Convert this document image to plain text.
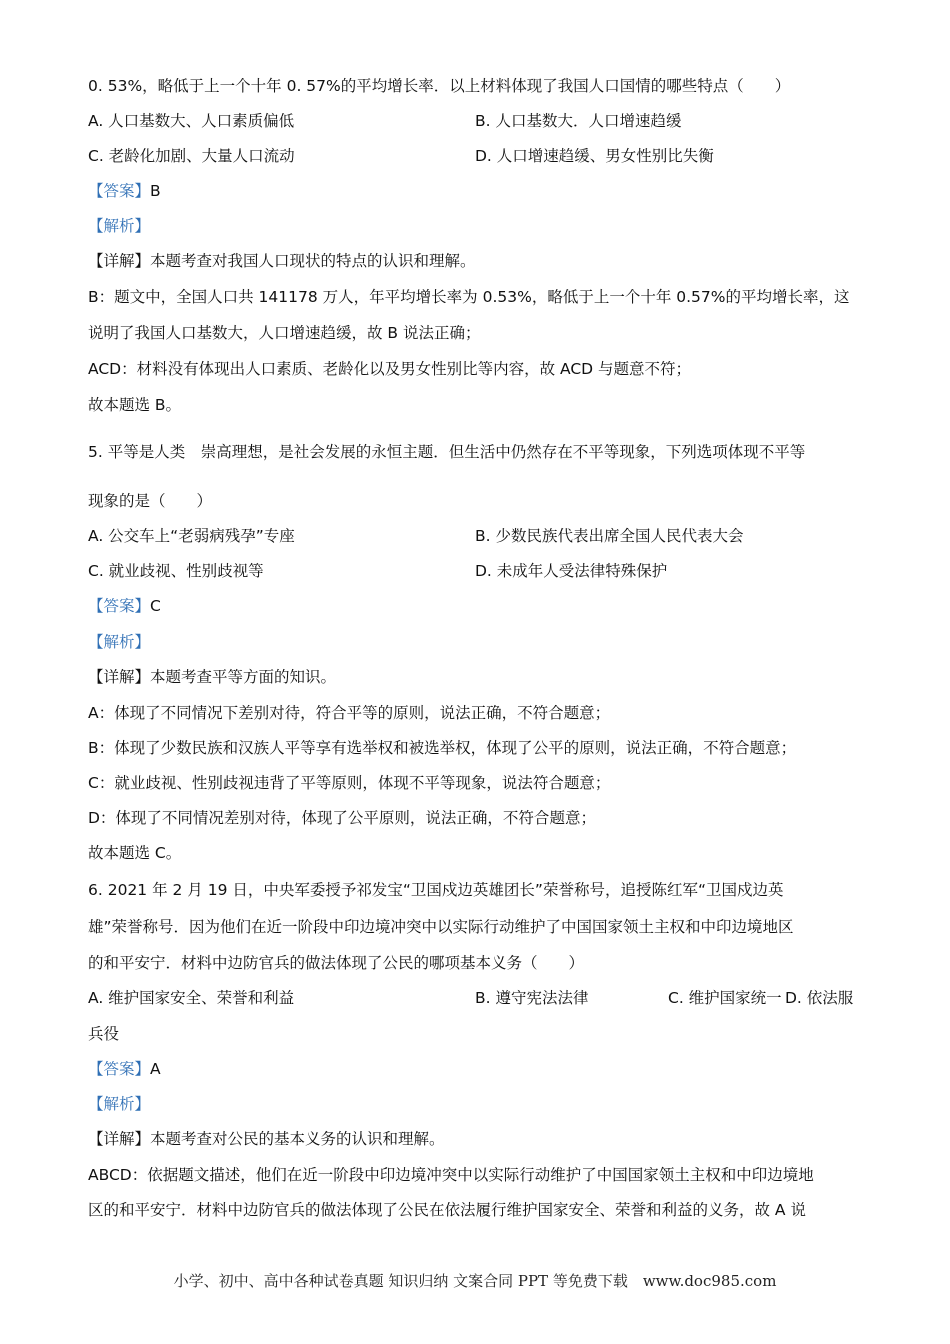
0. 53%，略低于上一个十年 0. 57%的平均增长率．以上材料体现了我国人口国情的哪些特点（　　）
A. 人口基数大、人口素质偏低	B. 人口基数大．人口增速趋缓
C. 老龄化加剧、大量人口流动	D. 人口增速趋缓、男女性别比失衡
【答案】B
【解析】
【详解】本题考查对我国人口现状的特点的认识和理解。
B：题文中，全国人口共 141178 万人，年平均增长率为 0.53%，略低于上一个十年 0.57%的平均增长率，这
说明了我国人口基数大，人口增速趋缓，故 B 说法正确；
ACD：材料没有体现出人口素质、老龄化以及男女性别比等内容，故 ACD 与题意不符；
故本题选 B。
5. 平等是人类　崇高理想，是社会发展的永恒主题．但生活中仍然存在不平等现象，下列选项体现不平等
现象的是（　　）
A. 公交车上“老弱病残孕”专座	B. 少数民族代表出席全国人民代表大会
C. 就业歧视、性别歧视等	D. 未成年人受法律特殊保护
【答案】C
【解析】
【详解】本题考查平等方面的知识。
A：体现了不同情况下差别对待，符合平等的原则，说法正确，不符合题意；
B：体现了少数民族和汉族人平等享有选举权和被选举权，体现了公平的原则，说法正确，不符合题意；
C：就业歧视、性别歧视违背了平等原则，体现不平等现象，说法符合题意；
D：体现了不同情况差别对待，体现了公平原则，说法正确，不符合题意；
故本题选 C。
6. 2021 年 2 月 19 日，中央军委授予祁发宝“卫国戍边英雄团长”荣誉称号，追授陈红军“卫国戍边英
雄”荣誉称号．因为他们在近一阶段中印边境冲突中以实际行动维护了中国国家领土主权和中印边境地区
的和平安宁．材料中边防官兵的做法体现了公民的哪项基本义务（　　）
A. 维护国家安全、荣誉和利益	B. 遵守宪法法律	C. 维护国家统一 D. 依法服
兵役
【答案】A
【解析】
【详解】本题考查对公民的基本义务的认识和理解。
ABCD：依据题文描述，他们在近一阶段中印边境冲突中以实际行动维护了中国国家领土主权和中印边境地
区的和平安宁．材料中边防官兵的做法体现了公民在依法履行维护国家安全、荣誉和利益的义务，故 A 说
小学、初中、高中各种试卷真题 知识归纳 文案合同 PPT 等免费下载　www.doc985.com
